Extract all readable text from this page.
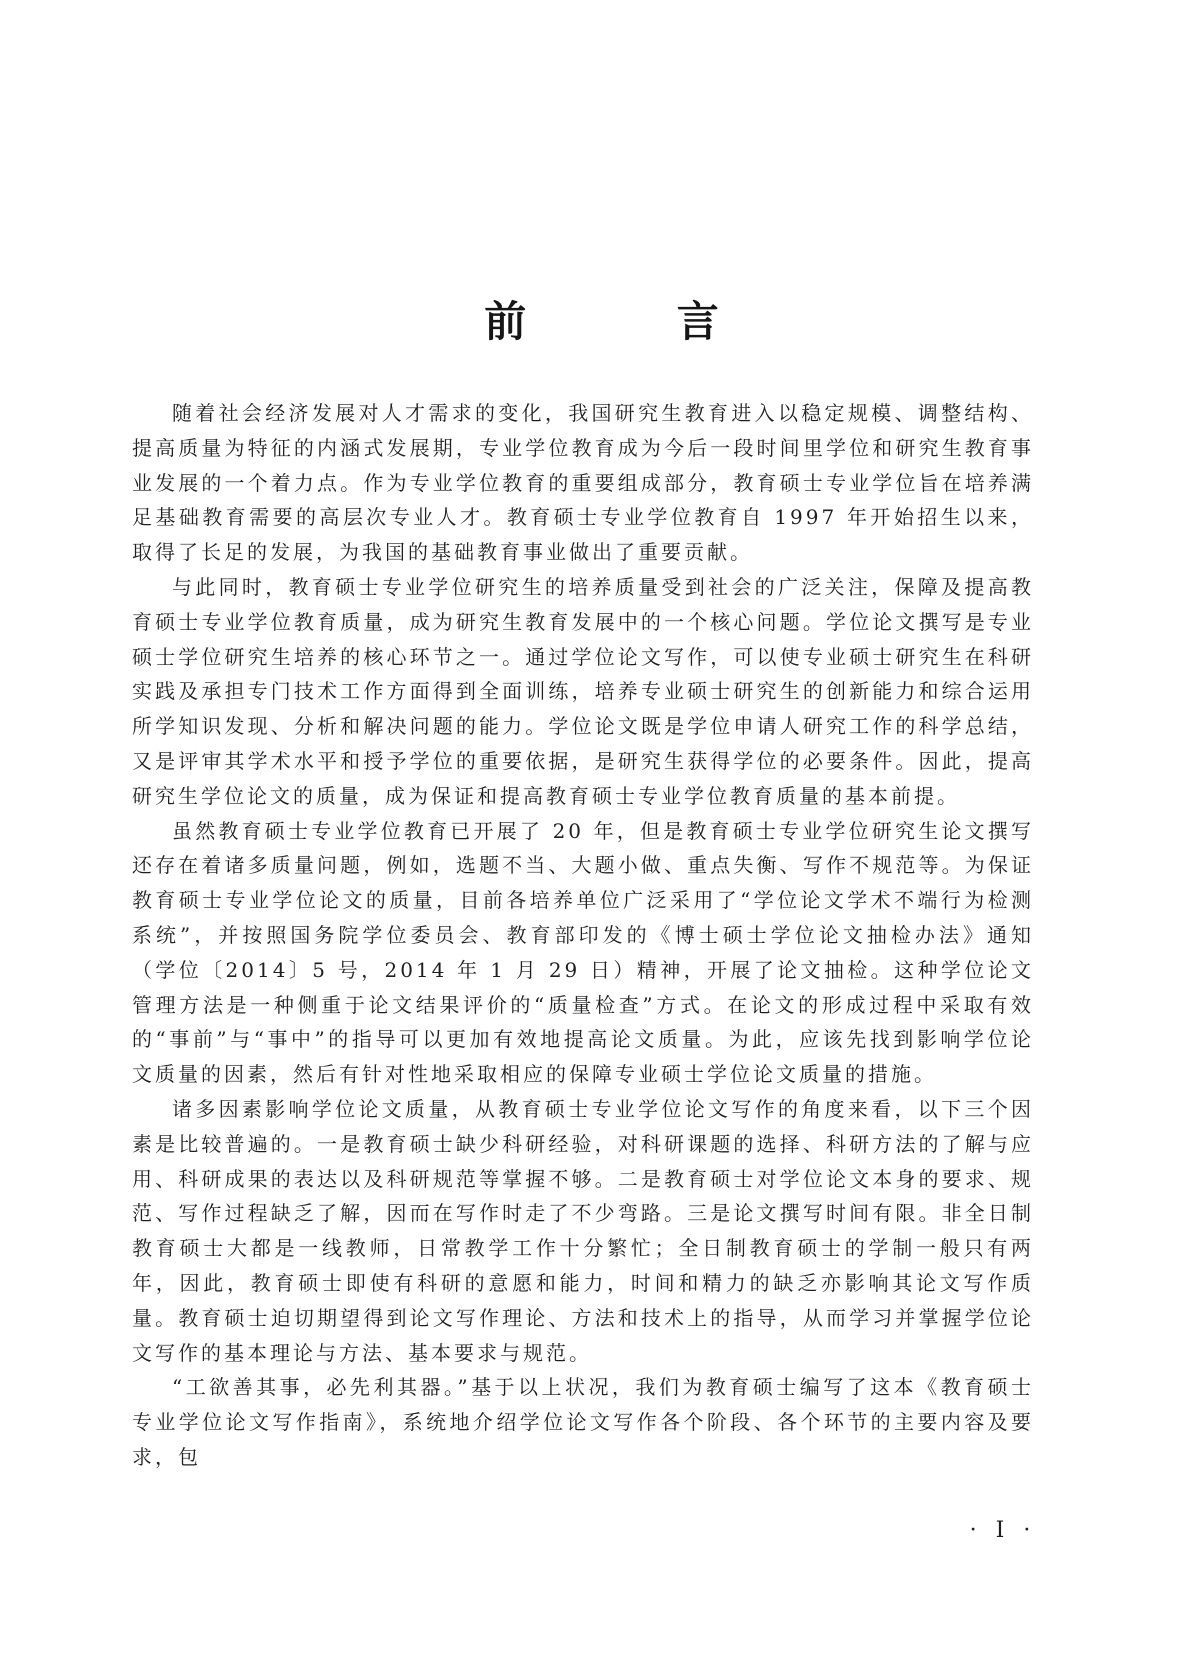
前 言

随着社会经济发展对人才需求的变化，我国研究生教育进入以稳定规模、调整结构、提高质量为特征的内涵式发展期，专业学位教育成为今后一段时间里学位和研究生教育事业发展的一个着力点。作为专业学位教育的重要组成部分，教育硕士专业学位旨在培养满足基础教育需要的高层次专业人才。教育硕士专业学位教育自 1997 年开始招生以来，取得了长足的发展，为我国的基础教育事业做出了重要贡献。

与此同时，教育硕士专业学位研究生的培养质量受到社会的广泛关注，保障及提高教育硕士专业学位教育质量，成为研究生教育发展中的一个核心问题。学位论文撰写是专业硕士学位研究生培养的核心环节之一。通过学位论文写作，可以使专业硕士研究生在科研实践及承担专门技术工作方面得到全面训练，培养专业硕士研究生的创新能力和综合运用所学知识发现、分析和解决问题的能力。学位论文既是学位申请人研究工作的科学总结，又是评审其学术水平和授予学位的重要依据，是研究生获得学位的必要条件。因此，提高研究生学位论文的质量，成为保证和提高教育硕士专业学位教育质量的基本前提。

虽然教育硕士专业学位教育已开展了 20 年，但是教育硕士专业学位研究生论文撰写还存在着诸多质量问题，例如，选题不当、大题小做、重点失衡、写作不规范等。为保证教育硕士专业学位论文的质量，目前各培养单位广泛采用了“学位论文学术不端行为检测系统”，并按照国务院学位委员会、教育部印发的《博士硕士学位论文抽检办法》通知（学位〔2014〕5 号，2014 年 1 月 29 日）精神，开展了论文抽检。这种学位论文管理方法是一种侧重于论文结果评价的“质量检查”方式。在论文的形成过程中采取有效的“事前”与“事中”的指导可以更加有效地提高论文质量。为此，应该先找到影响学位论文质量的因素，然后有针对性地采取相应的保障专业硕士学位论文质量的措施。

诸多因素影响学位论文质量，从教育硕士专业学位论文写作的角度来看，以下三个因素是比较普遍的。一是教育硕士缺少科研经验，对科研课题的选择、科研方法的了解与应用、科研成果的表达以及科研规范等掌握不够。二是教育硕士对学位论文本身的要求、规范、写作过程缺乏了解，因而在写作时走了不少弯路。三是论文撰写时间有限。非全日制教育硕士大都是一线教师，日常教学工作十分繁忙；全日制教育硕士的学制一般只有两年，因此，教育硕士即使有科研的意愿和能力，时间和精力的缺乏亦影响其论文写作质量。教育硕士迫切期望得到论文写作理论、方法和技术上的指导，从而学习并掌握学位论文写作的基本理论与方法、基本要求与规范。

“工欲善其事，必先利其器。”基于以上状况，我们为教育硕士编写了这本《教育硕士专业学位论文写作指南》，系统地介绍学位论文写作各个阶段、各个环节的主要内容及要求，包

· Ⅰ ·
